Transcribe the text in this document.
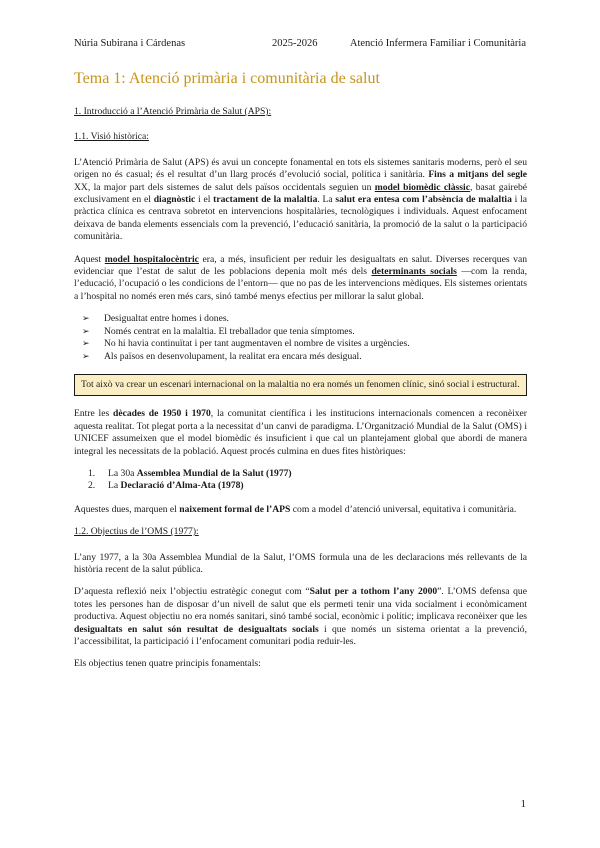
Núria Subirana i Cárdenas	2025-2026	Atenció Infermera Familiar i Comunitària
Tema 1: Atenció primària i comunitària de salut

1. Introducció a l’Atenció Primària de Salut (APS):

1.1. Visió històrica:

L’Atenció Primària de Salut (APS) és avui un concepte fonamental en tots els sistemes sanitaris moderns, però el seu origen no és casual; és el resultat d’un llarg procés d’evolució social, política i sanitària. Fins a mitjans del segle XX, la major part dels sistemes de salut dels països occidentals seguien un model biomèdic clàssic, basat gairebé exclusivament en el diagnòstic i el tractament de la malaltia. La salut era entesa com l’absència de malaltia i la pràctica clínica es centrava sobretot en intervencions hospitalàries, tecnològiques i individuals. Aquest enfocament deixava de banda elements essencials com la prevenció, l’educació sanitària, la promoció de la salut o la participació comunitària.

Aquest model hospitalocèntric era, a més, insuficient per reduir les desigualtats en salut. Diverses recerques van evidenciar que l’estat de salut de les poblacions depenia molt més dels determinants socials —com la renda, l’educació, l’ocupació o les condicions de l’entorn— que no pas de les intervencions mèdiques. Els sistemes orientats a l’hospital no només eren més cars, sinó també menys efectius per millorar la salut global.

➢ Desigualtat entre homes i dones.
➢ Només centrat en la malaltia. El treballador que tenia símptomes.
➢ No hi havia continuïtat i per tant augmentaven el nombre de visites a urgències.
➢ Als països en desenvolupament, la realitat era encara més desigual.
Tot això va crear un escenari internacional on la malaltia no era només un fenomen clínic, sinó social i estructural.

Entre les dècades de 1950 i 1970, la comunitat científica i les institucions internacionals comencen a reconèixer aquesta realitat. Tot plegat porta a la necessitat d’un canvi de paradigma. L’Organització Mundial de la Salut (OMS) i UNICEF assumeixen que el model biomèdic és insuficient i que cal un plantejament global que abordi de manera integral les necessitats de la població. Aquest procés culmina en dues fites històriques:

1. La 30a Assemblea Mundial de la Salut (1977)
2. La Declaració d’Alma-Ata (1978)

Aquestes dues, marquen el naixement formal de l’APS com a model d’atenció universal, equitativa i comunitària.

1.2. Objectius de l’OMS (1977):

L’any 1977, a la 30a Assemblea Mundial de la Salut, l’OMS formula una de les declaracions més rellevants de la història recent de la salut pública.

D’aquesta reflexió neix l’objectiu estratègic conegut com “Salut per a tothom l’any 2000”. L’OMS defensa que totes les persones han de disposar d’un nivell de salut que els permeti tenir una vida socialment i econòmicament productiva. Aquest objectiu no era només sanitari, sinó també social, econòmic i polític; implicava reconèixer que les desigualtats en salut són resultat de desigualtats socials i que només un sistema orientat a la prevenció, l’accessibilitat, la participació i l’enfocament comunitari podia reduir-les.

Els objectius tenen quatre principis fonamentals:

1
